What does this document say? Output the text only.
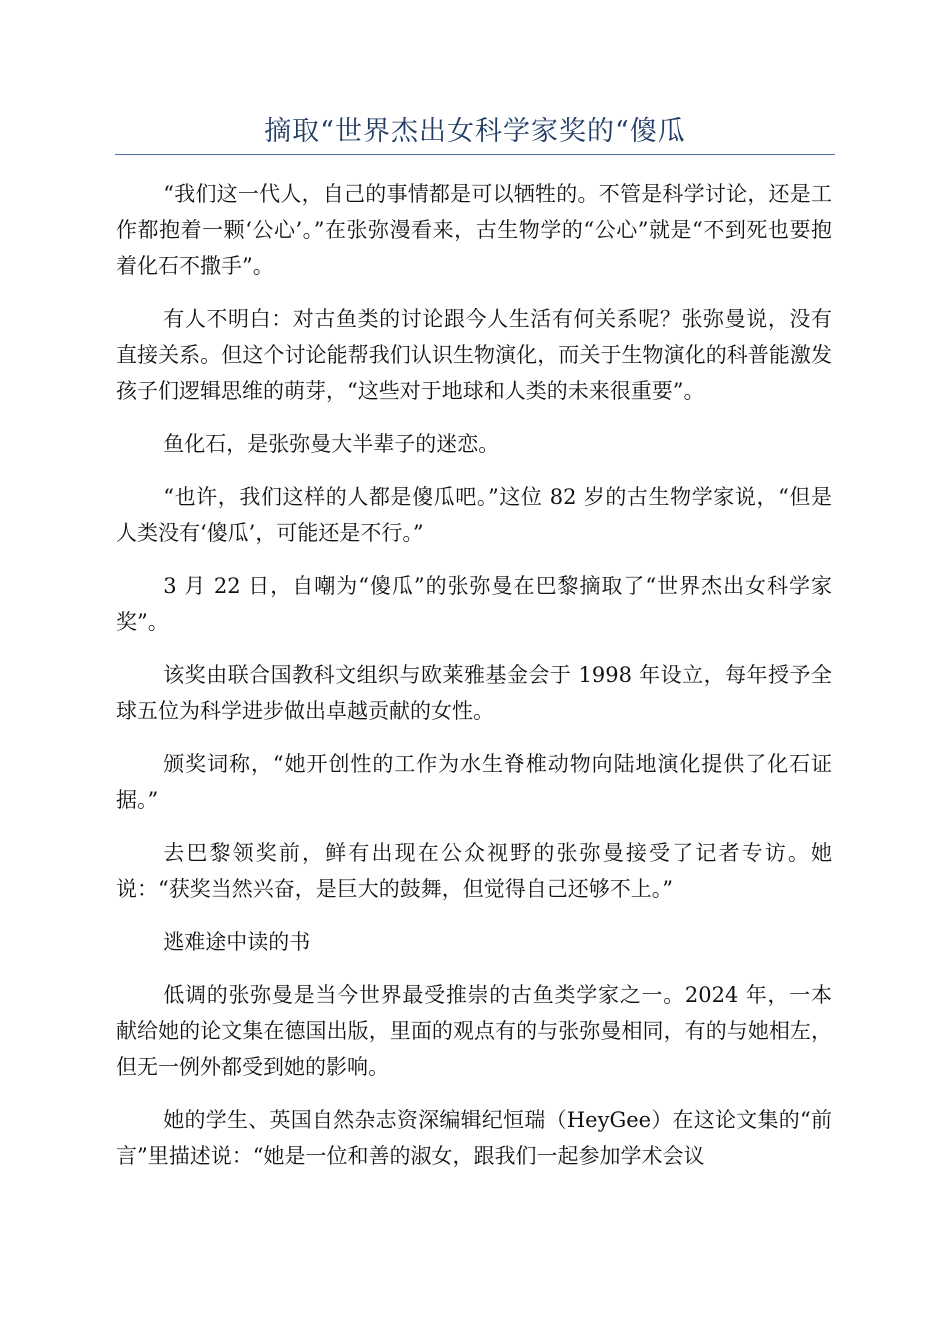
摘取“世界杰出女科学家奖的“傻瓜

“我们这一代人，自己的事情都是可以牺牲的。不管是科学讨论，还是工作都抱着一颗‘公心’。”在张弥漫看来，古生物学的“公心”就是“不到死也要抱着化石不撒手”。

有人不明白：对古鱼类的讨论跟今人生活有何关系呢？张弥曼说，没有直接关系。但这个讨论能帮我们认识生物演化，而关于生物演化的科普能激发孩子们逻辑思维的萌芽，“这些对于地球和人类的未来很重要”。

鱼化石，是张弥曼大半辈子的迷恋。

“也许，我们这样的人都是傻瓜吧。”这位 82 岁的古生物学家说，“但是人类没有‘傻瓜’，可能还是不行。”

3 月 22 日，自嘲为“傻瓜”的张弥曼在巴黎摘取了“世界杰出女科学家奖”。

该奖由联合国教科文组织与欧莱雅基金会于 1998 年设立，每年授予全球五位为科学进步做出卓越贡献的女性。

颁奖词称，“她开创性的工作为水生脊椎动物向陆地演化提供了化石证据。”

去巴黎领奖前，鲜有出现在公众视野的张弥曼接受了记者专访。她说：“获奖当然兴奋，是巨大的鼓舞，但觉得自己还够不上。”

逃难途中读的书

低调的张弥曼是当今世界最受推崇的古鱼类学家之一。2024 年，一本献给她的论文集在德国出版，里面的观点有的与张弥曼相同，有的与她相左，但无一例外都受到她的影响。

她的学生、英国自然杂志资深编辑纪恒瑞（HeyGee）在这论文集的“前言”里描述说：“她是一位和善的淑女，跟我们一起参加学术会议
